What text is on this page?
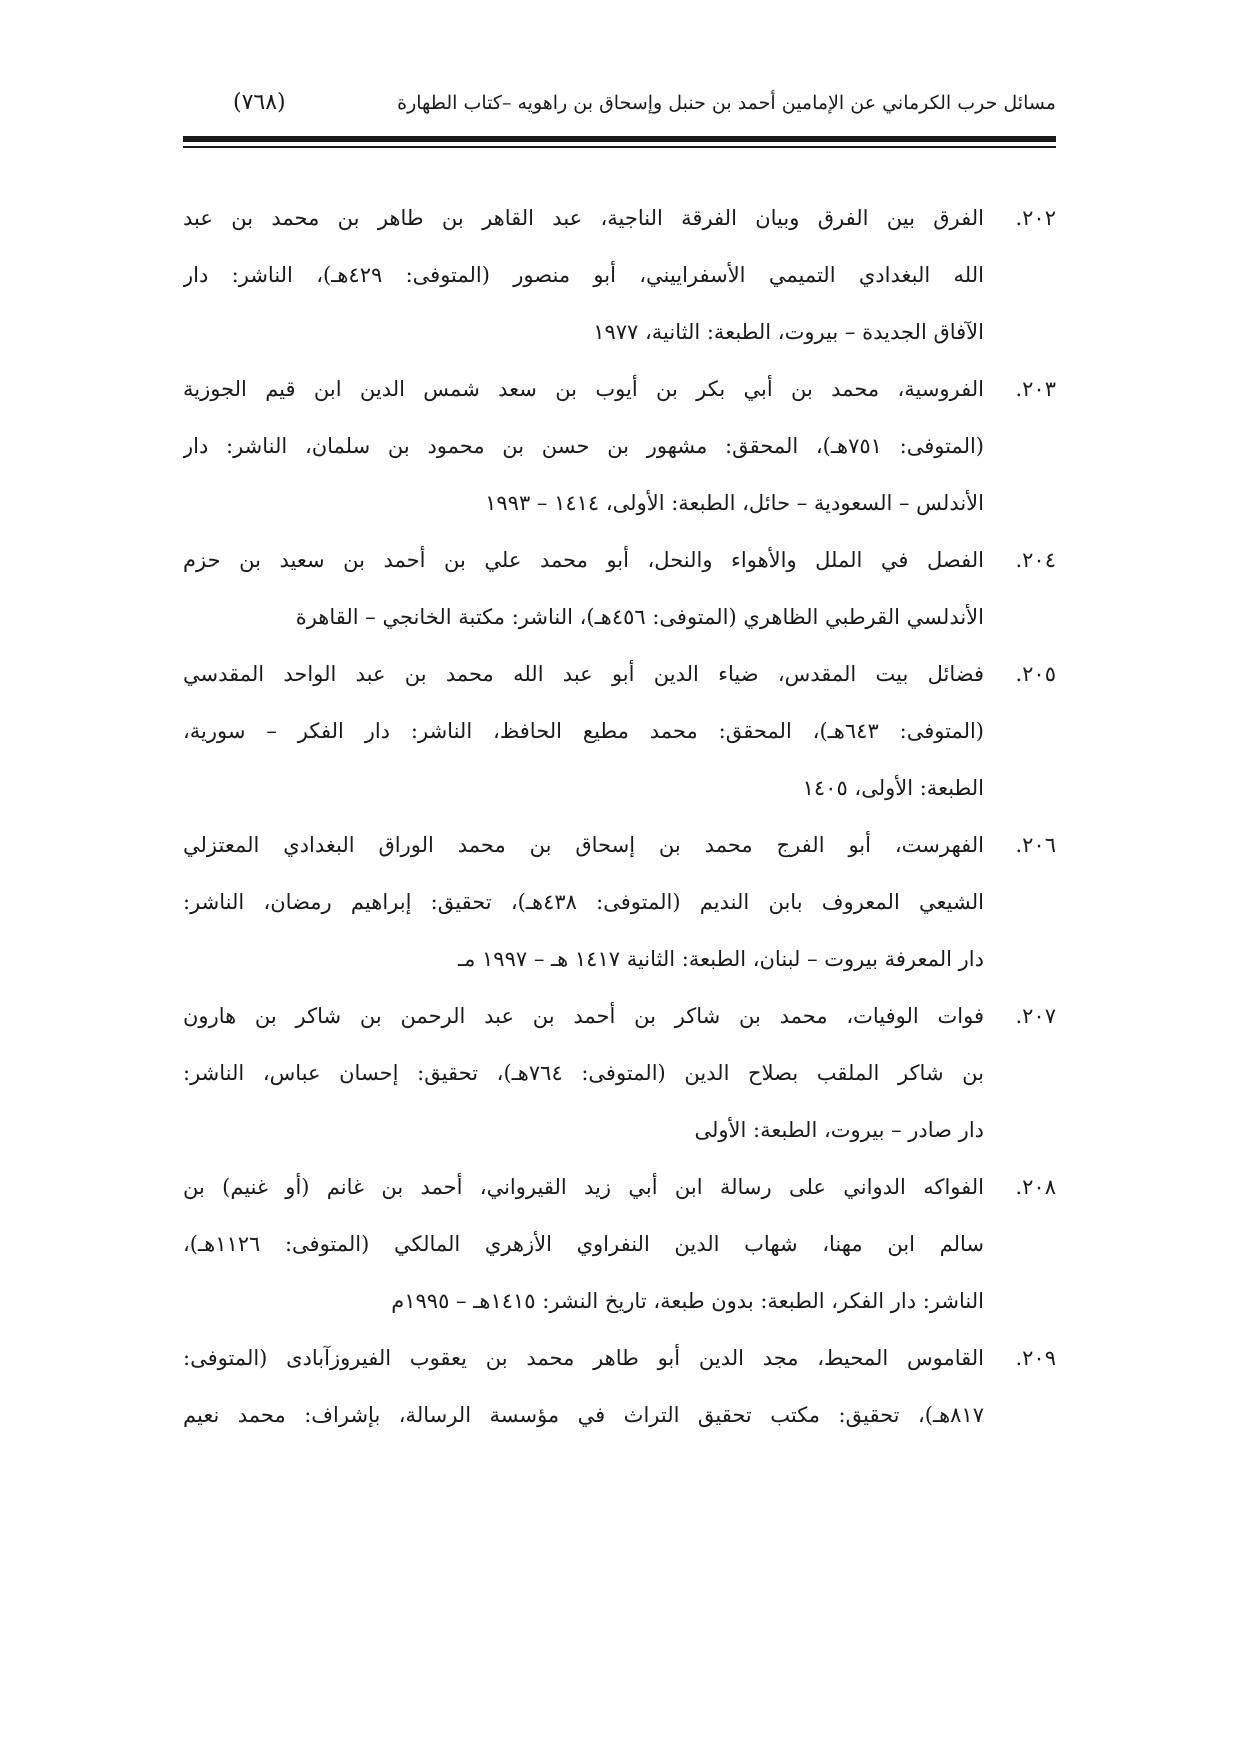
مسائل حرب الكرماني عن الإمامين أحمد بن حنبل وإسحاق بن راهويه –كتاب الطهارة
(٧٦٨)
٢٠٢.
الفرق بين الفرق وبيان الفرقة الناجية، عبد القاهر بن طاهر بن محمد بن عبد
الله البغدادي التميمي الأسفراييني، أبو منصور (المتوفى: ٤٢٩هـ)، الناشر: دار
الآفاق الجديدة – بيروت، الطبعة: الثانية، ١٩٧٧
٢٠٣.
الفروسية، محمد بن أبي بكر بن أيوب بن سعد شمس الدين ابن قيم الجوزية
(المتوفى: ٧٥١هـ)، المحقق: مشهور بن حسن بن محمود بن سلمان، الناشر: دار
الأندلس – السعودية – حائل، الطبعة: الأولى، ١٤١٤ – ١٩٩٣
٢٠٤.
الفصل في الملل والأهواء والنحل، أبو محمد علي بن أحمد بن سعيد بن حزم
الأندلسي القرطبي الظاهري (المتوفى: ٤٥٦هـ)، الناشر: مكتبة الخانجي – القاهرة
٢٠٥.
فضائل بيت المقدس، ضياء الدين أبو عبد الله محمد بن عبد الواحد المقدسي
(المتوفى: ٦٤٣هـ)، المحقق: محمد مطيع الحافظ، الناشر: دار الفكر – سورية،
الطبعة: الأولى، ١٤٠٥
٢٠٦.
الفهرست، أبو الفرج محمد بن إسحاق بن محمد الوراق البغدادي المعتزلي
الشيعي المعروف بابن النديم (المتوفى: ٤٣٨هـ)، تحقيق: إبراهيم رمضان، الناشر:
دار المعرفة بيروت – لبنان، الطبعة: الثانية ١٤١٧ هـ – ١٩٩٧ مـ
٢٠٧.
فوات الوفيات، محمد بن شاكر بن أحمد بن عبد الرحمن بن شاكر بن هارون
بن شاكر الملقب بصلاح الدين (المتوفى: ٧٦٤هـ)، تحقيق: إحسان عباس، الناشر:
دار صادر – بيروت، الطبعة: الأولى
٢٠٨.
الفواكه الدواني على رسالة ابن أبي زيد القيرواني، أحمد بن غانم (أو غنيم) بن
سالم ابن مهنا، شهاب الدين النفراوي الأزهري المالكي (المتوفى: ١١٢٦هـ)،
الناشر: دار الفكر، الطبعة: بدون طبعة، تاريخ النشر: ١٤١٥هـ – ١٩٩٥م
٢٠٩.
القاموس المحيط، مجد الدين أبو طاهر محمد بن يعقوب الفيروزآبادى (المتوفى:
٨١٧هـ)، تحقيق: مكتب تحقيق التراث في مؤسسة الرسالة، بإشراف: محمد نعيم
